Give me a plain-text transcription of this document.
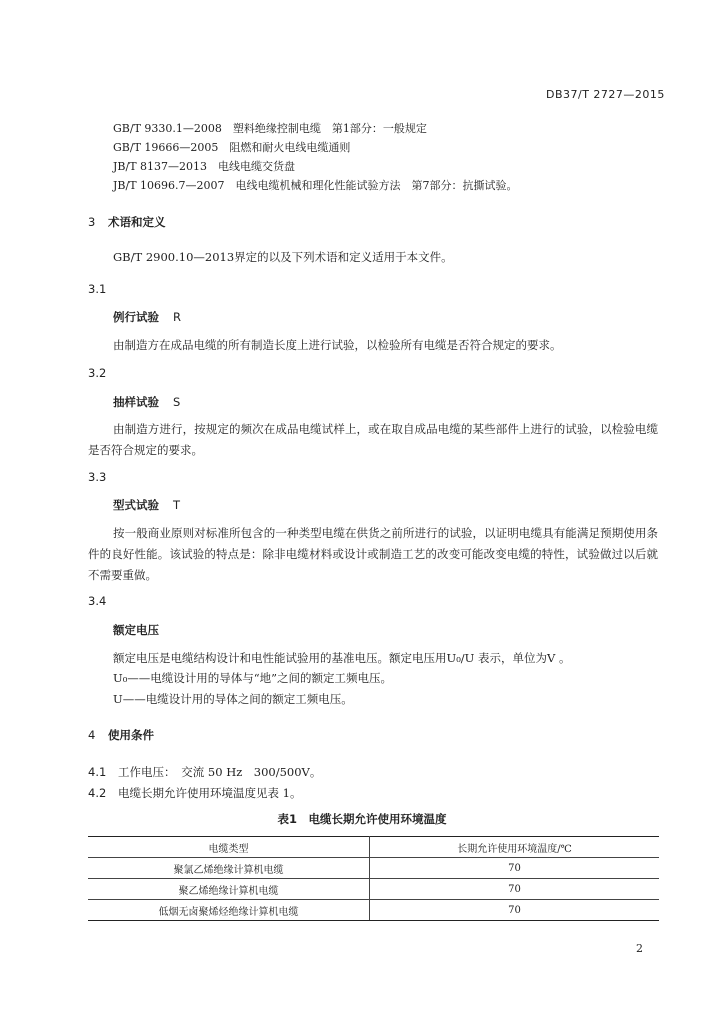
DB37/T 2727—2015
GB/T 9330.1—2008　塑料绝缘控制电缆　第1部分：一般规定
GB/T 19666—2005　阻燃和耐火电线电缆通则
JB/T 8137—2013　电线电缆交货盘
JB/T 10696.7—2007　电线电缆机械和理化性能试验方法　第7部分：抗撕试验。
3 术语和定义
GB/T 2900.10—2013界定的以及下列术语和定义适用于本文件。
3.1
例行试验 R
由制造方在成品电缆的所有制造长度上进行试验，以检验所有电缆是否符合规定的要求。
3.2
抽样试验 S
由制造方进行，按规定的频次在成品电缆试样上，或在取自成品电缆的某些部件上进行的试验，以检验电缆是否符合规定的要求。
3.3
型式试验 T
按一般商业原则对标准所包含的一种类型电缆在供货之前所进行的试验，以证明电缆具有能满足预期使用条件的良好性能。该试验的特点是：除非电缆材料或设计或制造工艺的改变可能改变电缆的特性，试验做过以后就不需要重做。
3.4
额定电压
额定电压是电缆结构设计和电性能试验用的基准电压。额定电压用U₀/U 表示，单位为V 。
U₀——电缆设计用的导体与“地”之间的额定工频电压。
U——电缆设计用的导体之间的额定工频电压。
4 使用条件
4.1 工作电压：　交流 50 Hz　300/500V。
4.2 电缆长期允许使用环境温度见表 1。
表1　电缆长期允许使用环境温度
电缆类型	长期允许使用环境温度/℃
聚氯乙烯绝缘计算机电缆	70
聚乙烯绝缘计算机电缆	70
低烟无卤聚烯烃绝缘计算机电缆	70
2
